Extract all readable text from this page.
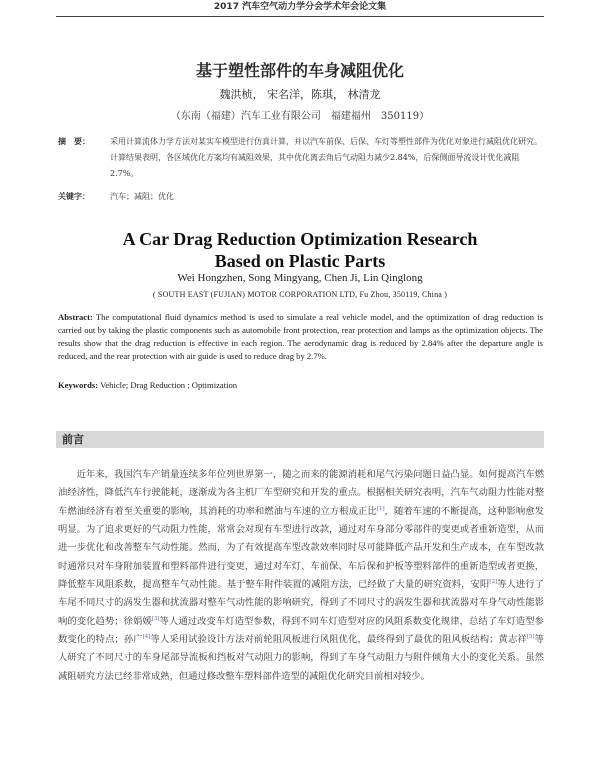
2017 汽车空气动力学分会学术年会论文集
基于塑性部件的车身减阻优化
魏洪桢， 宋名洋，陈琪， 林清龙
（东南（福建）汽车工业有限公司　福建福州　350119）
摘　要：	采用计算流体力学方法对某实车模型进行仿真计算，并以汽车前保、后保、车灯等塑性部件为优化对象进行减阻优化研究。计算结果表明，各区域优化方案均有减阻效果，其中优化离去角后气动阻力减少2.84%，后保侧面导流设计优化减阻2.7%。
关键字：	汽车；减阻；优化
A Car Drag Reduction Optimization Research
Based on Plastic Parts
Wei Hongzhen, Song Mingyang, Chen Ji, Lin Qinglong
( SOUTH EAST (FUJIAN) MOTOR CORPORATION LTD, Fu Zhou, 350119, China )
Abstract: The computational fluid dynamics method is used to simulate a real vehicle model, and the optimization of drag reduction is carried out by taking the plastic components such as automobile front protection, rear protection and lamps as the optimization objects. The results show that the drag reduction is effective in each region. The aerodynamic drag is reduced by 2.84% after the departure angle is reduced, and the rear protection with air guide is used to reduce drag by 2.7%.
Keywords: Vehicle; Drag Reduction ; Optimization
前言

近年来，我国汽车产销量连续多年位列世界第一，随之而来的能源消耗和尾气污染问题日益凸显。如何提高汽车燃油经济性，降低汽车行驶能耗，逐渐成为各主机厂车型研究和开发的重点。根据相关研究表明，汽车气动阻力性能对整车燃油经济有着至关重要的影响，其消耗的功率和燃油与车速的立方根成正比[1]，随着车速的不断提高，这种影响愈发明显。为了追求更好的气动阻力性能，常常会对现有车型进行改款，通过对车身部分零部件的变更或者重新造型，从而进一步优化和改善整车气动性能。然而，为了有效提高车型改款效率同时尽可能降低产品开发和生产成本，在车型改款时通常只对车身附加装置和塑料部件进行变更，通过对车灯、车前保、车后保和护板等塑料部件的重新造型或者更换，降低整车风阻系数，提高整车气动性能。基于整车附件装置的减阻方法，已经做了大量的研究资料，安阳[2]等人进行了车尾不同尺寸的涡发生器和扰流器对整车气动性能的影响研究，得到了不同尺寸的涡发生器和扰流器对车身气动性能影响的变化趋势；徐娟媛[3]等人通过改变车灯造型参数，得到不同车灯造型对应的风阻系数变化规律，总结了车灯造型参数变化的特点；孙广[4]等人采用试验设计方法对前轮阻风板进行风阻优化，最终得到了最优的阻风板结构；黄志祥[5]等人研究了不同尺寸的车身尾部导流板和挡板对气动阻力的影响，得到了车身气动阻力与附件倾角大小的变化关系。虽然减阻研究方法已经非常成熟，但通过修改整车塑料部件造型的减阻优化研究目前相对较少。
